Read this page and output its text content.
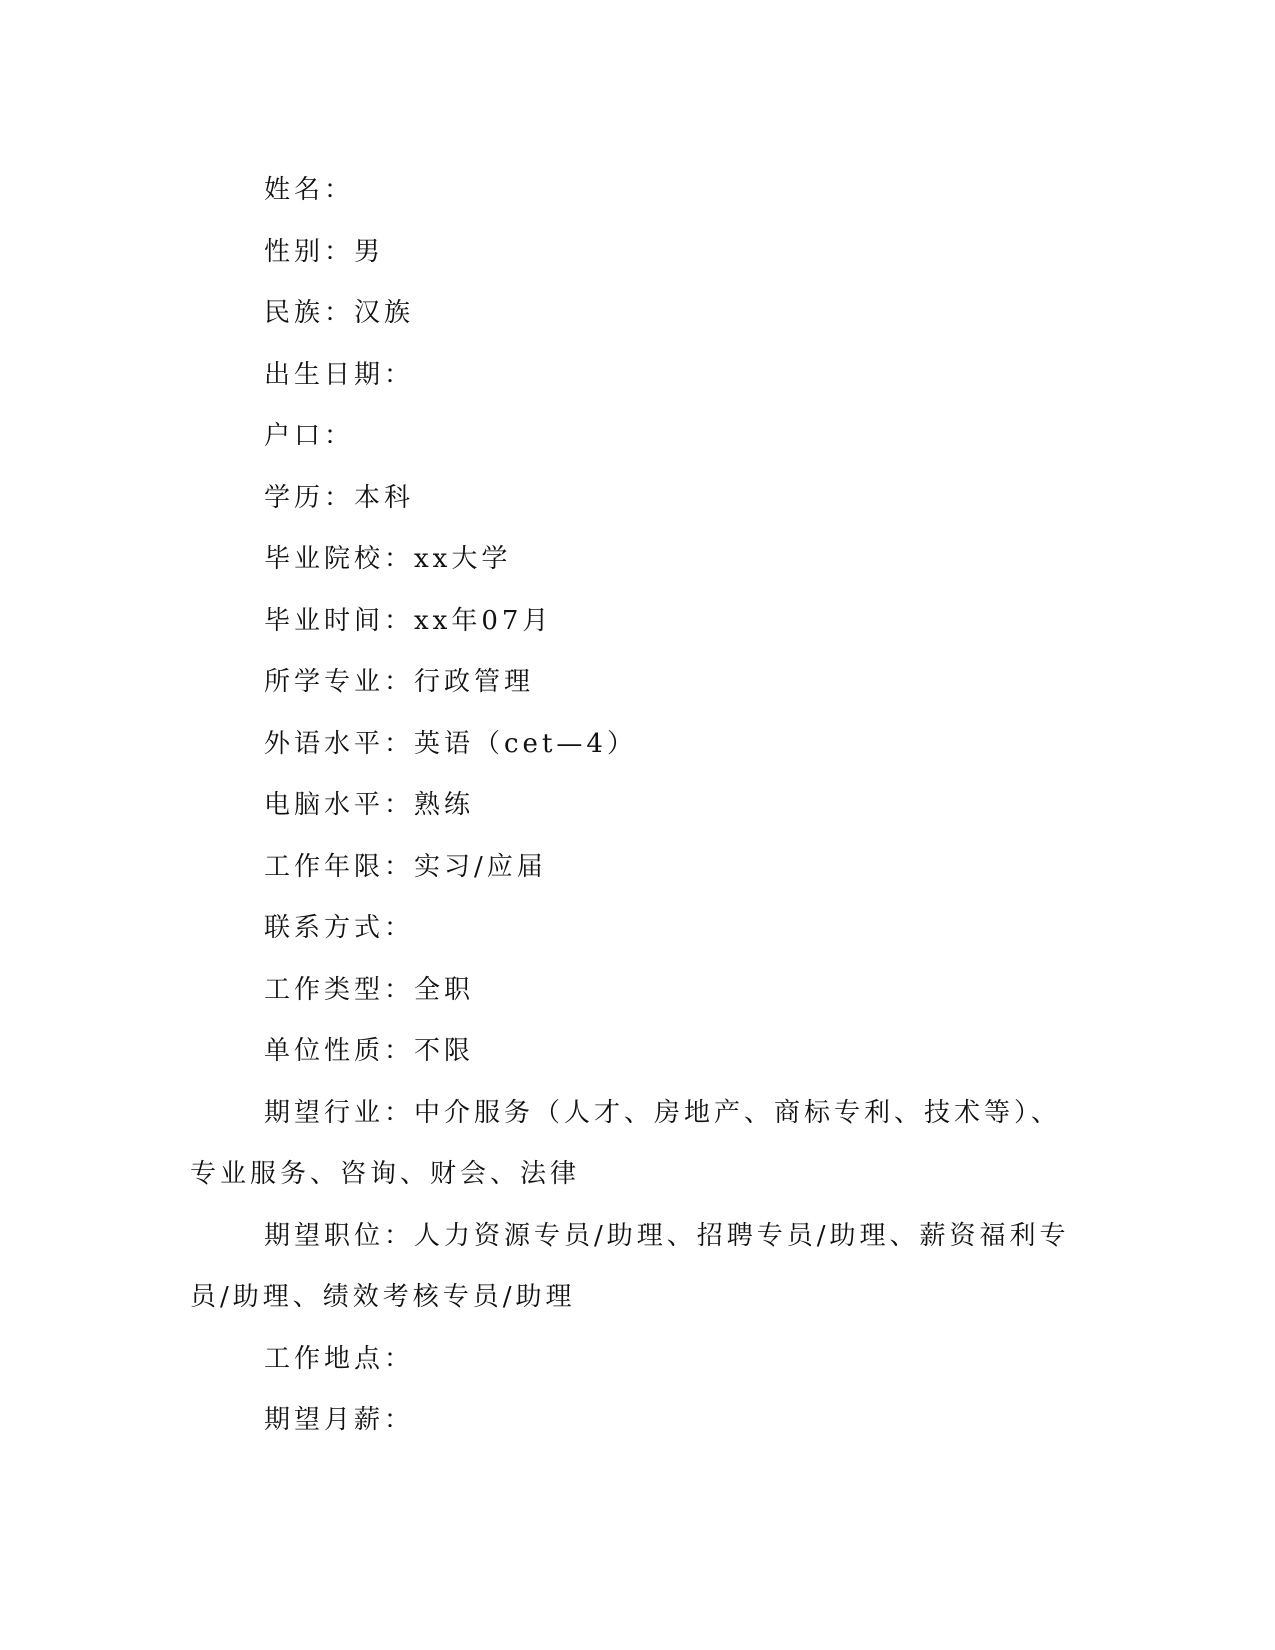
姓名：

性别：男

民族：汉族

出生日期：

户口：

学历：本科

毕业院校：xx大学

毕业时间：xx年07月

所学专业：行政管理

外语水平：英语（cet—4）

电脑水平：熟练

工作年限：实习/应届

联系方式：

工作类型：全职

单位性质：不限

期望行业：中介服务（人才、房地产、商标专利、技术等）、专业服务、咨询、财会、法律

期望职位：人力资源专员/助理、招聘专员/助理、薪资福利专员/助理、绩效考核专员/助理

工作地点：

期望月薪：
